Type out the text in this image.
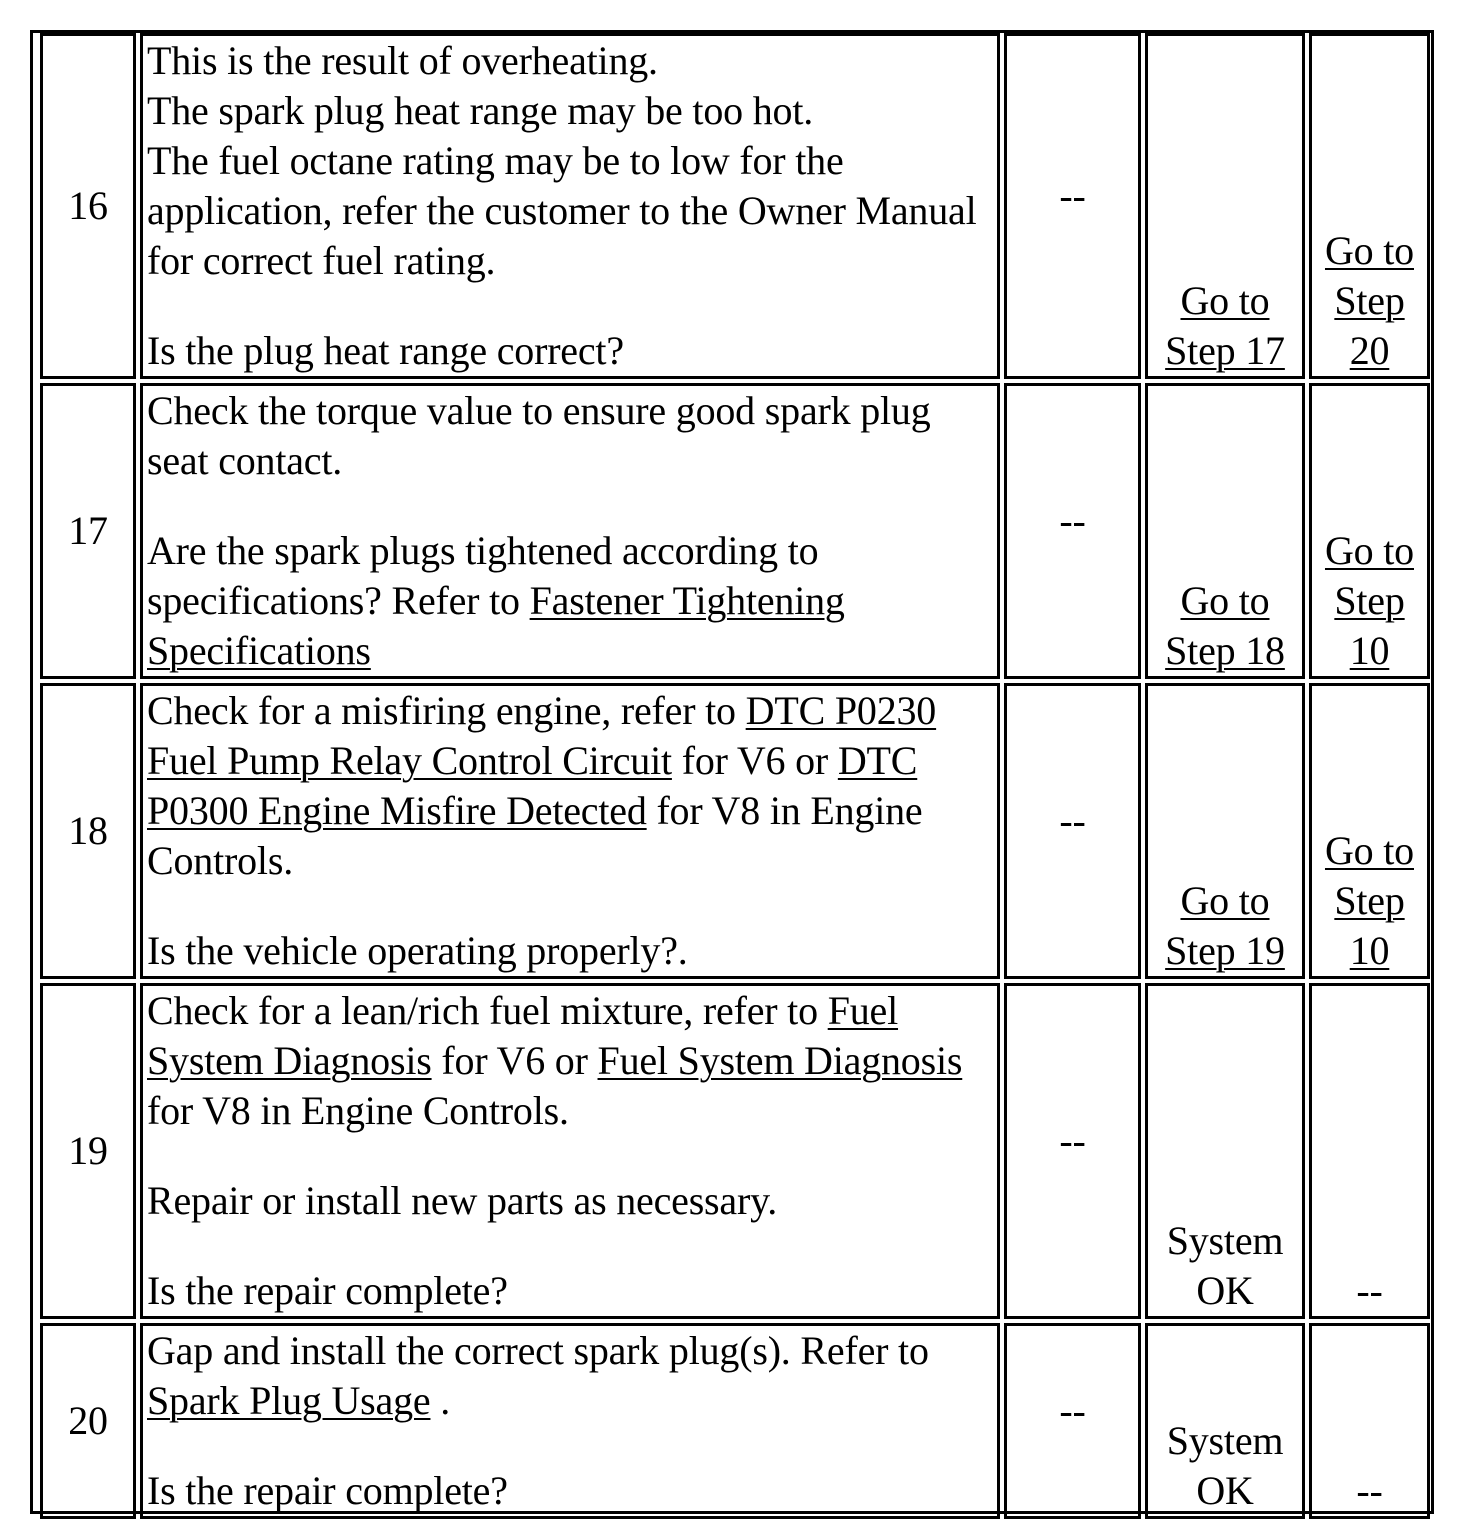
16	This is the result of overheating.
The spark plug heat range may be too hot.
The fuel octane rating may be to low for the application, refer the customer to the Owner Manual for correct fuel rating.
Is the plug heat range correct?	--	Go to Step 17	Go to Step 20
17	Check the torque value to ensure good spark plug seat contact.
Are the spark plugs tightened according to specifications? Refer to Fastener Tightening Specifications	--	Go to Step 18	Go to Step 10
18	Check for a misfiring engine, refer to DTC P0230 Fuel Pump Relay Control Circuit for V6 or DTC P0300 Engine Misfire Detected for V8 in Engine Controls.
Is the vehicle operating properly?.	--	Go to Step 19	Go to Step 10
19	Check for a lean/rich fuel mixture, refer to Fuel System Diagnosis for V6 or Fuel System Diagnosis for V8 in Engine Controls.
Repair or install new parts as necessary.
Is the repair complete?	--	System OK	--
20	Gap and install the correct spark plug(s). Refer to Spark Plug Usage .
Is the repair complete?	--	System OK	--
